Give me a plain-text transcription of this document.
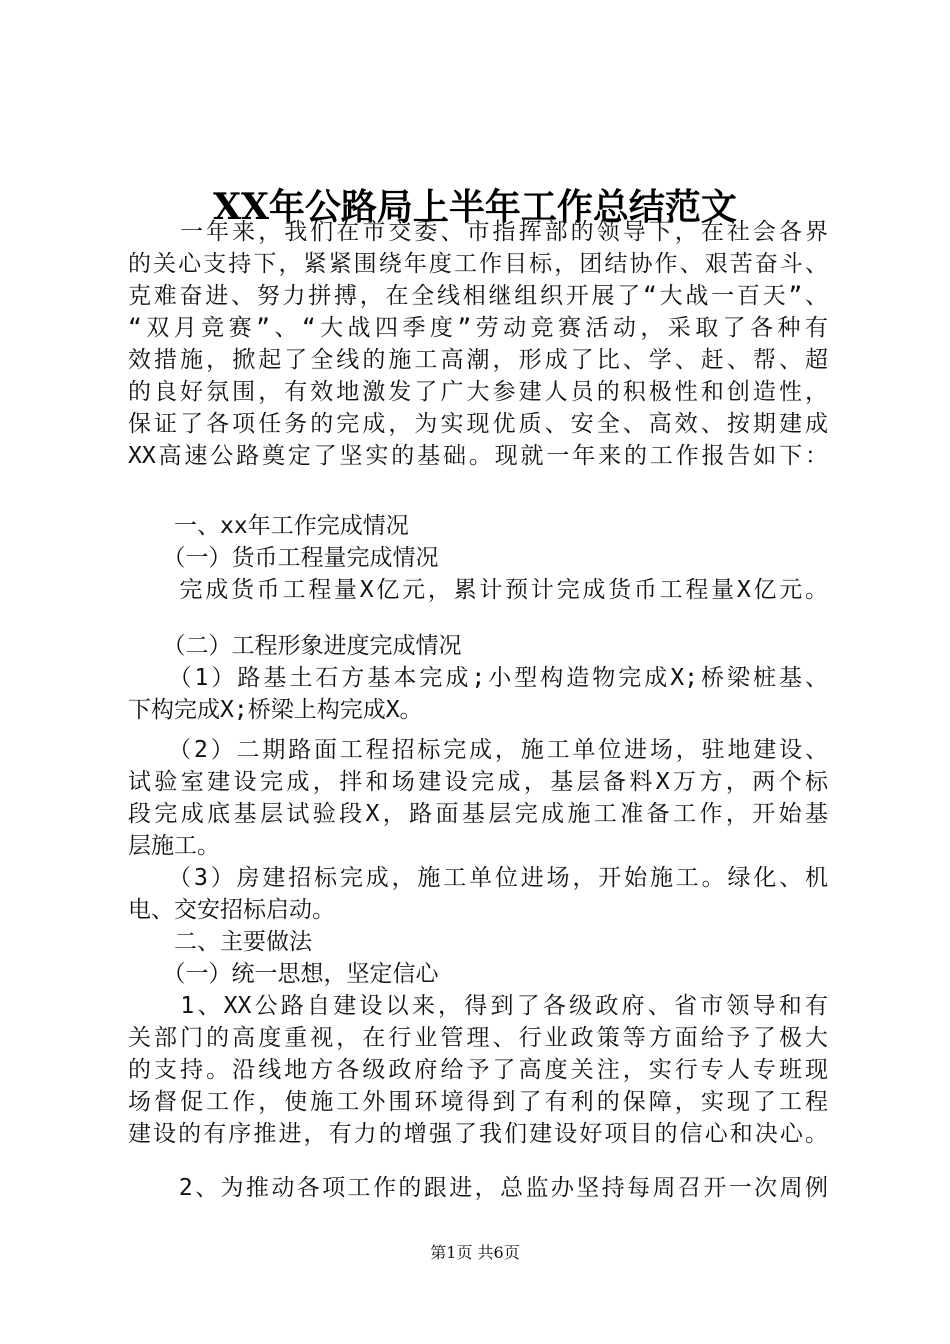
XX年公路局上半年工作总结范文
　　一年来，我们在市交委、市指挥部的领导下，在社会各界
的关心支持下，紧紧围绕年度工作目标，团结协作、艰苦奋斗、
克难奋进、努力拼搏，在全线相继组织开展了“大战一百天”、
“双月竞赛”、“大战四季度”劳动竞赛活动，采取了各种有
效措施，掀起了全线的施工高潮，形成了比、学、赶、帮、超
的良好氛围，有效地激发了广大参建人员的积极性和创造性，
保证了各项任务的完成，为实现优质、安全、高效、按期建成
XX高速公路奠定了坚实的基础。现就一年来的工作报告如下：
　　一、xx年工作完成情况
　　（一）货币工程量完成情况
　　完成货币工程量X亿元，累计预计完成货币工程量X亿元。
　　（二）工程形象进度完成情况
　　（1）路基土石方基本完成;小型构造物完成X;桥梁桩基、
下构完成X;桥梁上构完成X。
　　（2）二期路面工程招标完成，施工单位进场，驻地建设、
试验室建设完成，拌和场建设完成，基层备料X万方，两个标
段完成底基层试验段X，路面基层完成施工准备工作，开始基
层施工。
　　（3）房建招标完成，施工单位进场，开始施工。绿化、机
电、交安招标启动。
　　二、主要做法
　　（一）统一思想，坚定信心
　　1、XX公路自建设以来，得到了各级政府、省市领导和有
关部门的高度重视，在行业管理、行业政策等方面给予了极大
的支持。沿线地方各级政府给予了高度关注，实行专人专班现
场督促工作，使施工外围环境得到了有利的保障，实现了工程
建设的有序推进，有力的增强了我们建设好项目的信心和决心。
　　2、为推动各项工作的跟进，总监办坚持每周召开一次周例
第1页 共6页
